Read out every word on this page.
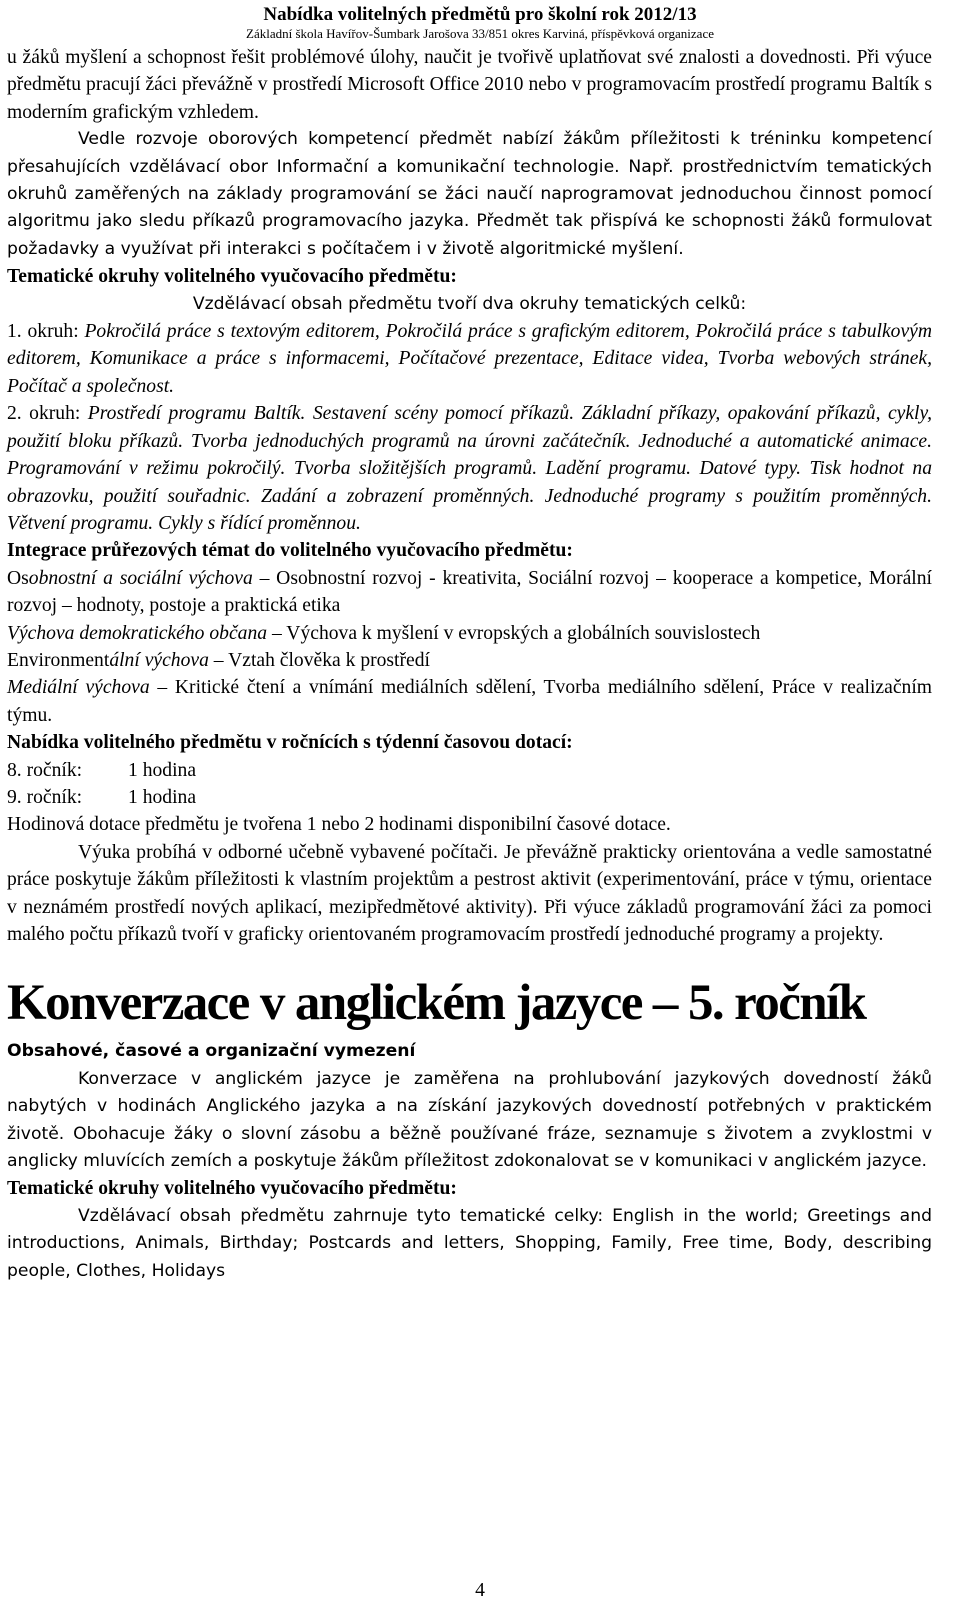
Nabídka volitelných předmětů pro školní rok 2012/13
Základní škola Havířov-Šumbark Jarošova 33/851 okres Karviná, příspěvková organizace

u žáků myšlení a schopnost řešit problémové úlohy, naučit je tvořivě uplatňovat své znalosti a dovednosti. Při výuce předmětu pracují žáci převážně v prostředí Microsoft Office 2010 nebo v programovacím prostředí programu Baltík s moderním grafickým vzhledem.

Vedle rozvoje oborových kompetencí předmět nabízí žákům příležitosti k tréninku kompetencí přesahujících vzdělávací obor Informační a komunikační technologie. Např. prostřednictvím tematických okruhů zaměřených na základy programování se žáci naučí naprogramovat jednoduchou činnost pomocí algoritmu jako sledu příkazů programovacího jazyka. Předmět tak přispívá ke schopnosti žáků formulovat požadavky a využívat při interakci s počítačem i v životě algoritmické myšlení.

Tematické okruhy volitelného vyučovacího předmětu:

Vzdělávací obsah předmětu tvoří dva okruhy tematických celků:

1. okruh: Pokročilá práce s textovým editorem, Pokročilá práce s grafickým editorem, Pokročilá práce s tabulkovým editorem, Komunikace a práce s informacemi, Počítačové prezentace, Editace videa, Tvorba webových stránek, Počítač a společnost.

2. okruh: Prostředí programu Baltík. Sestavení scény pomocí příkazů. Základní příkazy, opakování příkazů, cykly, použití bloku příkazů. Tvorba jednoduchých programů na úrovni začátečník. Jednoduché a automatické animace. Programování v režimu pokročilý. Tvorba složitějších programů. Ladění programu. Datové typy. Tisk hodnot na obrazovku, použití souřadnic. Zadání a zobrazení proměnných. Jednoduché programy s použitím proměnných. Větvení programu. Cykly s řídící proměnnou.

Integrace průřezových témat do volitelného vyučovacího předmětu:

Osobnostní a sociální výchova – Osobnostní rozvoj - kreativita, Sociální rozvoj – kooperace a kompetice, Morální rozvoj – hodnoty, postoje a praktická etika

Výchova demokratického občana – Výchova k myšlení v evropských a globálních souvislostech

Environmentální výchova – Vztah člověka k prostředí

Mediální výchova – Kritické čtení a vnímání mediálních sdělení, Tvorba mediálního sdělení, Práce v realizačním týmu.

Nabídka volitelného předmětu v ročnících s týdenní časovou dotací:

8. ročník: 1 hodina

9. ročník: 1 hodina

Hodinová dotace předmětu je tvořena 1 nebo 2 hodinami disponibilní časové dotace.

Výuka probíhá v odborné učebně vybavené počítači. Je převážně prakticky orientována a vedle samostatné práce poskytuje žákům příležitosti k vlastním projektům a pestrost aktivit (experimentování, práce v týmu, orientace v neznámém prostředí nových aplikací, mezipředmětové aktivity). Při výuce základů programování žáci za pomoci malého počtu příkazů tvoří v graficky orientovaném programovacím prostředí jednoduché programy a projekty.

Konverzace v anglickém jazyce – 5. ročník

Obsahové, časové a organizační vymezení

Konverzace v anglickém jazyce je zaměřena na prohlubování jazykových dovedností žáků nabytých v hodinách Anglického jazyka a na získání jazykových dovedností potřebných v praktickém životě. Obohacuje žáky o slovní zásobu a běžně používané fráze, seznamuje s životem a zvyklostmi v anglicky mluvících zemích a poskytuje žákům příležitost zdokonalovat se v komunikaci v anglickém jazyce.

Tematické okruhy volitelného vyučovacího předmětu:

Vzdělávací obsah předmětu zahrnuje tyto tematické celky: English in the world; Greetings and introductions, Animals, Birthday; Postcards and letters, Shopping, Family, Free time, Body, describing people, Clothes, Holidays

4
